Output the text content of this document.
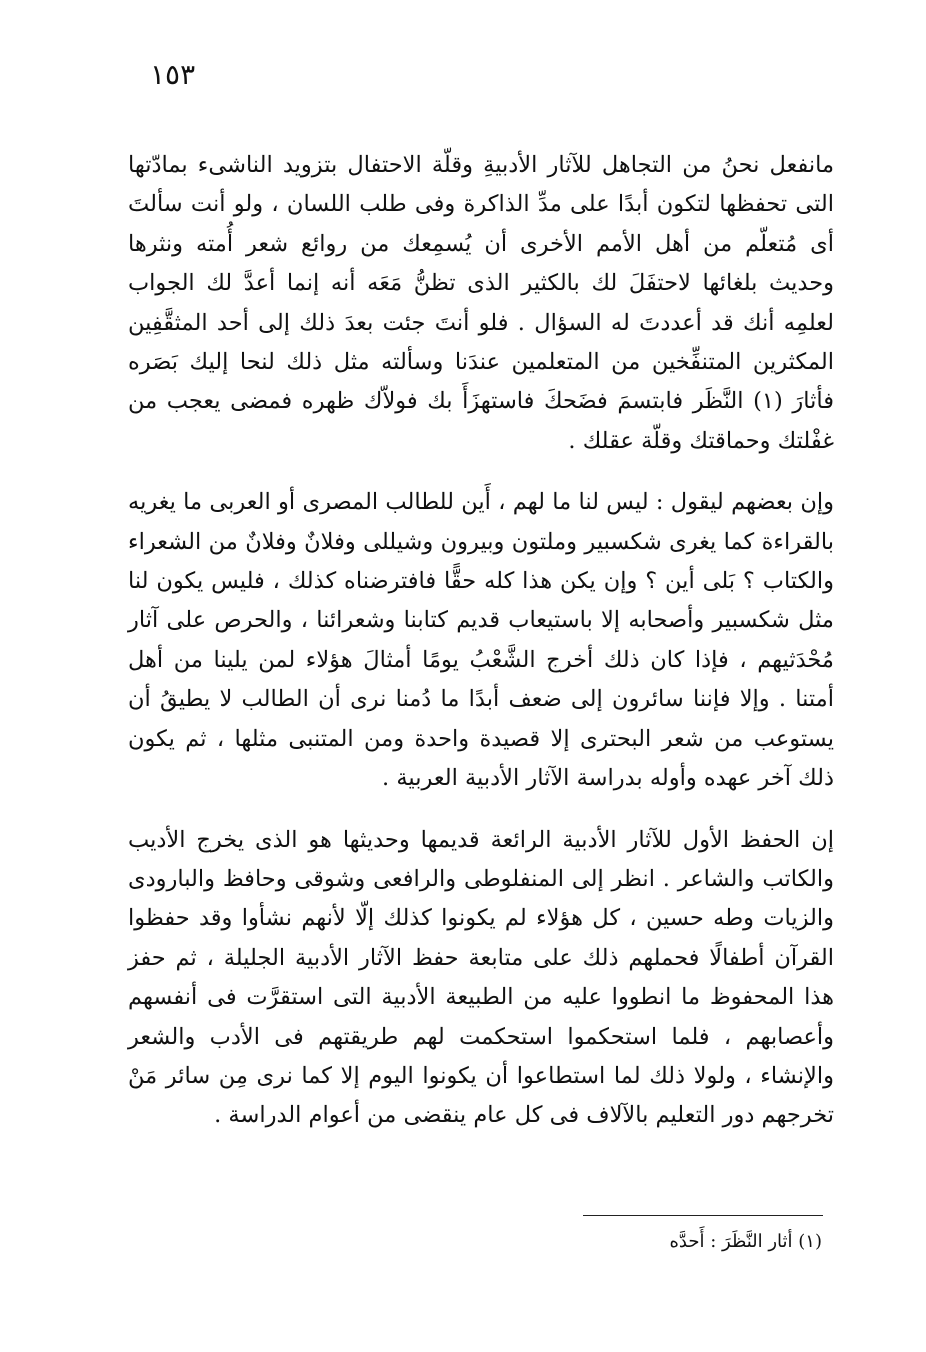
١٥٣

مانفعل نحنُ من التجاهل للآثار الأدبيةِ وقلّة الاحتفال بتزويد الناشىء بمادّتها التى تحفظها لتكون أبدًا على مدِّ الذاكرة وفى طلب اللسان ، ولو أنت سألتَ أى مُتعلّم من أهل الأمم الأخرى أن يُسمِعك من روائع شعر أُمته ونثرها وحديث بلغائها لاحتفَلَ لك بالكثير الذى تظنُّ مَعَه أنه إنما أعدَّ لك الجواب لعلمِه أنك قد أعددتَ له السؤال . فلو أنتَ جئت بعدَ ذلك إلى أحد المثقَّفِين المكثرين المتنفِّخين من المتعلمين عندَنا وسألته مثل ذلك لنحا إليك بَصَره فأثارَ (١) النَّظَر فابتسمَ فضَحكَ فاستهزَأَ بك فولاّك ظهره فمضى يعجب من غفْلتك وحماقتك وقلّة عقلك .

وإن بعضهم ليقول : ليس لنا ما لهم ، أَين للطالب المصرى أو العربى ما يغريه بالقراءة كما يغرى شكسبير وملتون وبيرون وشيللى وفلانٌ وفلانٌ من الشعراء والكتاب ؟ بَلى أين ؟ وإن يكن هذا كله حقًّا فافترضناه كذلك ، فليس يكون لنا مثل شكسبير وأصحابه إلا باستيعاب قديم كتابنا وشعرائنا ، والحرص على آثار مُحْدَثيهم ، فإذا كان ذلك أخرج الشَّعْبُ يومًا أمثالَ هؤلاء لمن يلينا من أهل أمتنا . وإلا فإننا سائرون إلى ضعف أبدًا ما دُمنا نرى أن الطالب لا يطيقُ أن يستوعب من شعر البحترى إلا قصيدة واحدة ومن المتنبى مثلها ، ثم يكون ذلك آخر عهده وأوله بدراسة الآثار الأدبية العربية .

إن الحفظ الأول للآثار الأدبية الرائعة قديمها وحديثها هو الذى يخرج الأديب والكاتب والشاعر . انظر إلى المنفلوطى والرافعى وشوقى وحافظ والبارودى والزيات وطه حسين ، كل هؤلاء لم يكونوا كذلك إلّا لأنهم نشأوا وقد حفظوا القرآن أطفالًا فحملهم ذلك على متابعة حفظ الآثار الأدبية الجليلة ، ثم حفز هذا المحفوظ ما انطووا عليه من الطبيعة الأدبية التى استقرَّت فى أنفسهم وأعصابهم ، فلما استحكموا استحكمت لهم طريقتهم فى الأدب والشعر والإنشاء ، ولولا ذلك لما استطاعوا أن يكونوا اليوم إلا كما نرى مِن سائر مَنْ تخرجهم دور التعليم بالآلاف فى كل عام ينقضى من أعوام الدراسة .

(١) أثار النَّظَرَ : أَحدَّه
